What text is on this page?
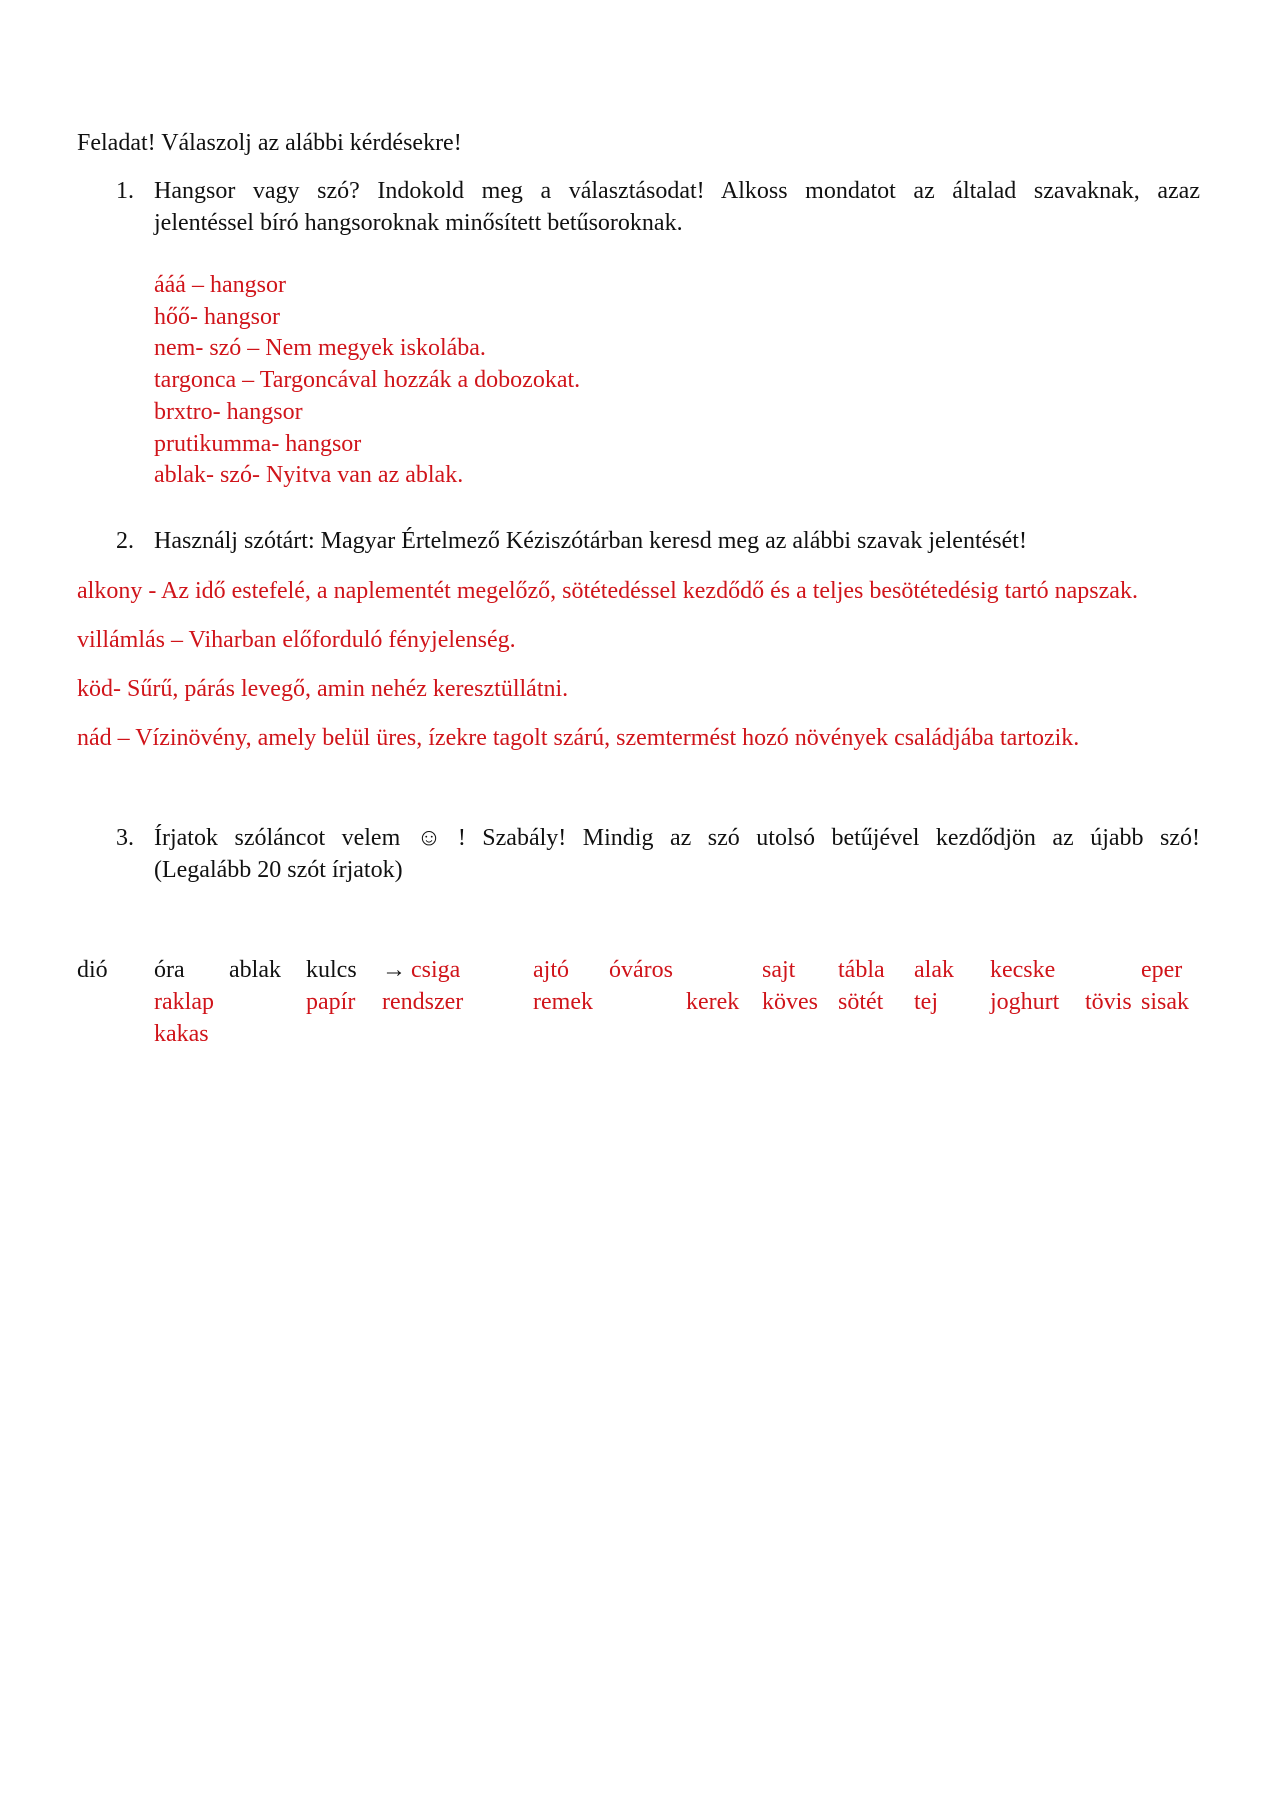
Feladat! Válaszolj az alábbi kérdésekre!
1. Hangsor vagy szó? Indokold meg a választásodat! Alkoss mondatot az általad szavaknak, azaz
jelentéssel bíró hangsoroknak minősített betűsoroknak.
ááá – hangsor
hőő- hangsor
nem- szó – Nem megyek iskolába.
targonca – Targoncával hozzák a dobozokat.
brxtro- hangsor
prutikumma- hangsor
ablak- szó- Nyitva van az ablak.
2. Használj szótárt: Magyar Értelmező Kéziszótárban keresd meg az alábbi szavak jelentését!
alkony - Az idő estefelé, a naplementét megelőző, sötétedéssel kezdődő és a teljes besötétedésig tartó napszak.
villámlás – Viharban előforduló fényjelenség.
köd- Sűrű, párás levegő, amin nehéz keresztüllátni.
nád – Vízinövény, amely belül üres, ízekre tagolt szárú, szemtermést hozó növények családjába tartozik.
3. Írjatok szóláncot velem ☺ ! Szabály! Mindig az szó utolsó betűjével kezdődjön az újabb szó!
(Legalább 20 szót írjatok)
dió óra ablak kulcs → csiga	ajtó óváros	sajt tábla alak kecske	eper
raklap	papír rendszer	remek	kerek köves sötét tej joghurt tövis sisak
kakas
